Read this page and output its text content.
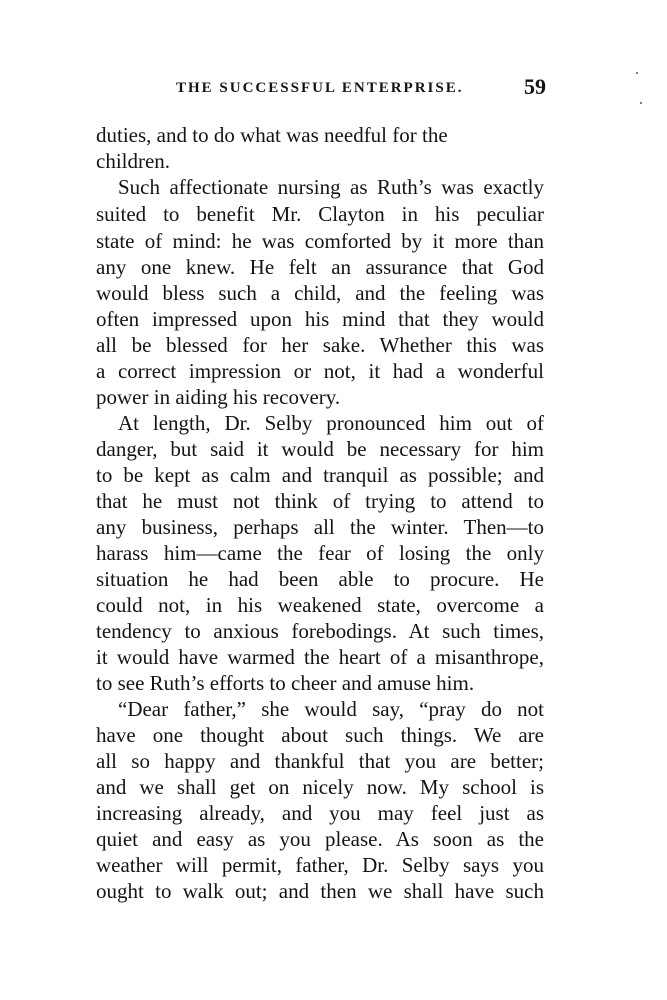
THE SUCCESSFUL ENTERPRISE.	59
duties, and to do what was needful for the
children.
Such affectionate nursing as Ruth’s was exactly
suited to benefit Mr. Clayton in his peculiar
state of mind: he was comforted by it more than
any one knew. He felt an assurance that God
would bless such a child, and the feeling was
often impressed upon his mind that they would
all be blessed for her sake. Whether this was
a correct impression or not, it had a wonderful
power in aiding his recovery.
At length, Dr. Selby pronounced him out of
danger, but said it would be necessary for him
to be kept as calm and tranquil as possible; and
that he must not think of trying to attend to
any business, perhaps all the winter. Then—to
harass him—came the fear of losing the only
situation he had been able to procure. He
could not, in his weakened state, overcome a
tendency to anxious forebodings. At such times,
it would have warmed the heart of a misanthrope,
to see Ruth’s efforts to cheer and amuse him.
“Dear father,” she would say, “pray do not
have one thought about such things. We are
all so happy and thankful that you are better;
and we shall get on nicely now. My school is
increasing already, and you may feel just as
quiet and easy as you please. As soon as the
weather will permit, father, Dr. Selby says you
ought to walk out; and then we shall have such
